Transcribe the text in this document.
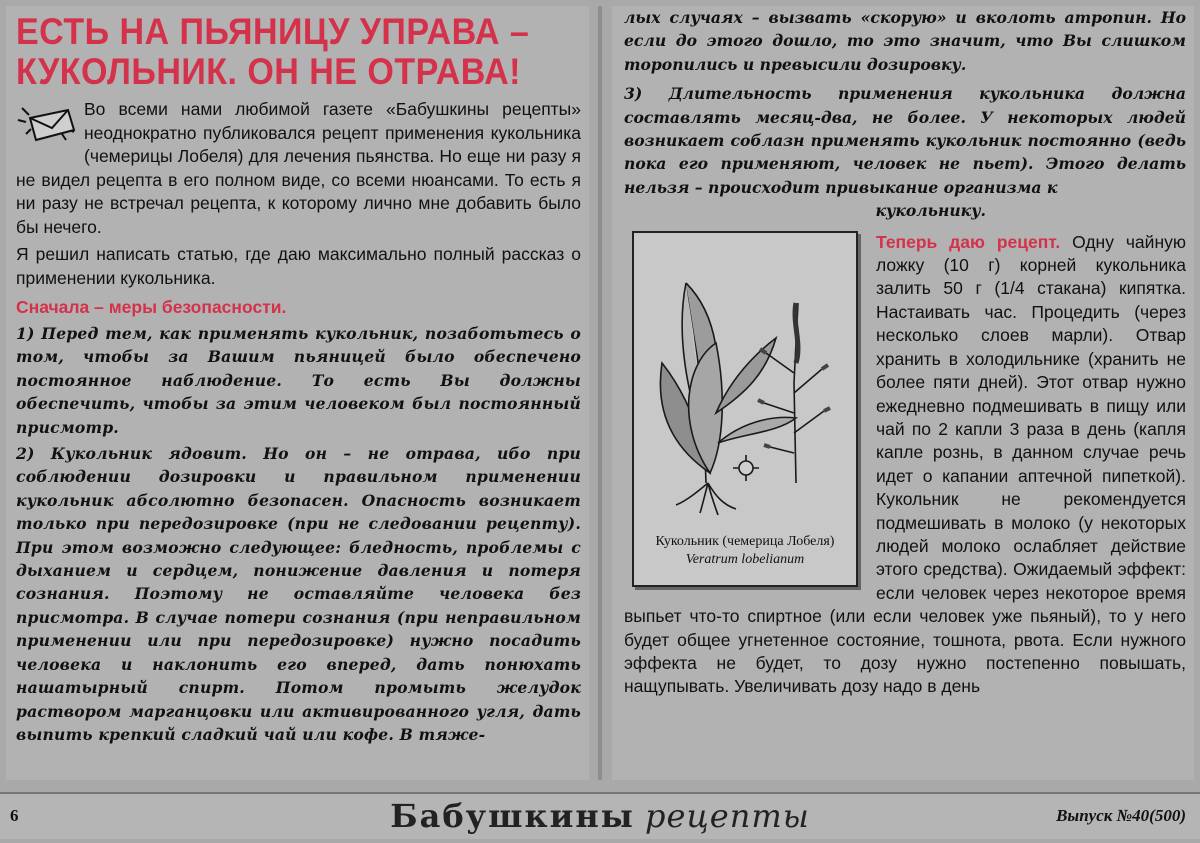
ЕСТЬ НА ПЬЯНИЦУ УПРАВА –
КУКОЛЬНИК. ОН НЕ ОТРАВА!

Во всеми нами любимой газете «Бабушкины рецепты» неоднократно публиковался рецепт применения кукольника (чемерицы Лобеля) для лечения пьянства. Но еще ни разу я не видел рецепта в его полном виде, со всеми нюансами. То есть я ни разу не встречал рецепта, к которому лично мне добавить было бы нечего.

Я решил написать статью, где даю максимально полный рассказ о применении кукольника.

Сначала – меры безопасности.

1) Перед тем, как применять кукольник, позаботьтесь о том, чтобы за Вашим пьяницей было обеспечено постоянное наблюдение. То есть Вы должны обеспечить, чтобы за этим человеком был постоянный присмотр.

2) Кукольник ядовит. Но он – не отрава, ибо при соблюдении дозировки и правильном применении кукольник абсолютно безопасен. Опасность возникает только при передозировке (при не следовании рецепту). При этом возможно следующее: бледность, проблемы с дыханием и сердцем, понижение давления и потеря сознания. Поэтому не оставляйте человека без присмотра. В случае потери сознания (при неправильном применении или при передозировке) нужно посадить человека и наклонить его вперед, дать понюхать нашатырный спирт. Потом промыть желудок раствором марганцовки или активированного угля, дать выпить крепкий сладкий чай или кофе. В тяже-

лых случаях – вызвать «скорую» и вколоть атропин. Но если до этого дошло, то это значит, что Вы слишком торопились и превысили дозировку.

3) Длительность применения кукольника должна составлять месяц-два, не более. У некоторых людей возникает соблазн применять кукольник постоянно (ведь пока его применяют, человек не пьет). Этого делать нельзя – происходит привыкание организма к
кукольнику.

Кукольник (чемерица Лобеля)
Veratrum lobelianum

Теперь даю рецепт. Одну чайную ложку (10 г) корней кукольника залить 50 г (1/4 стакана) кипятка. Настаивать час. Процедить (через несколько слоев марли). Отвар хранить в холодильнике (хранить не более пяти дней). Этот отвар нужно ежедневно подмешивать в пищу или чай по 2 капли 3 раза в день (капля капле рознь, в данном случае речь идет о капании аптечной пипеткой). Кукольник не рекомендуется подмешивать в молоко (у некоторых людей молоко ослабляет действие этого средства). Ожидаемый эффект: если человек через некоторое время выпьет что-то спиртное (или если человек уже пьяный), то у него будет общее угнетенное состояние, тошнота, рвота. Если нужного эффекта не будет, то дозу нужно постепенно повышать, нащупывать. Увеличивать дозу надо в день

6	Бабушкины рецепты	Выпуск №40(500)
